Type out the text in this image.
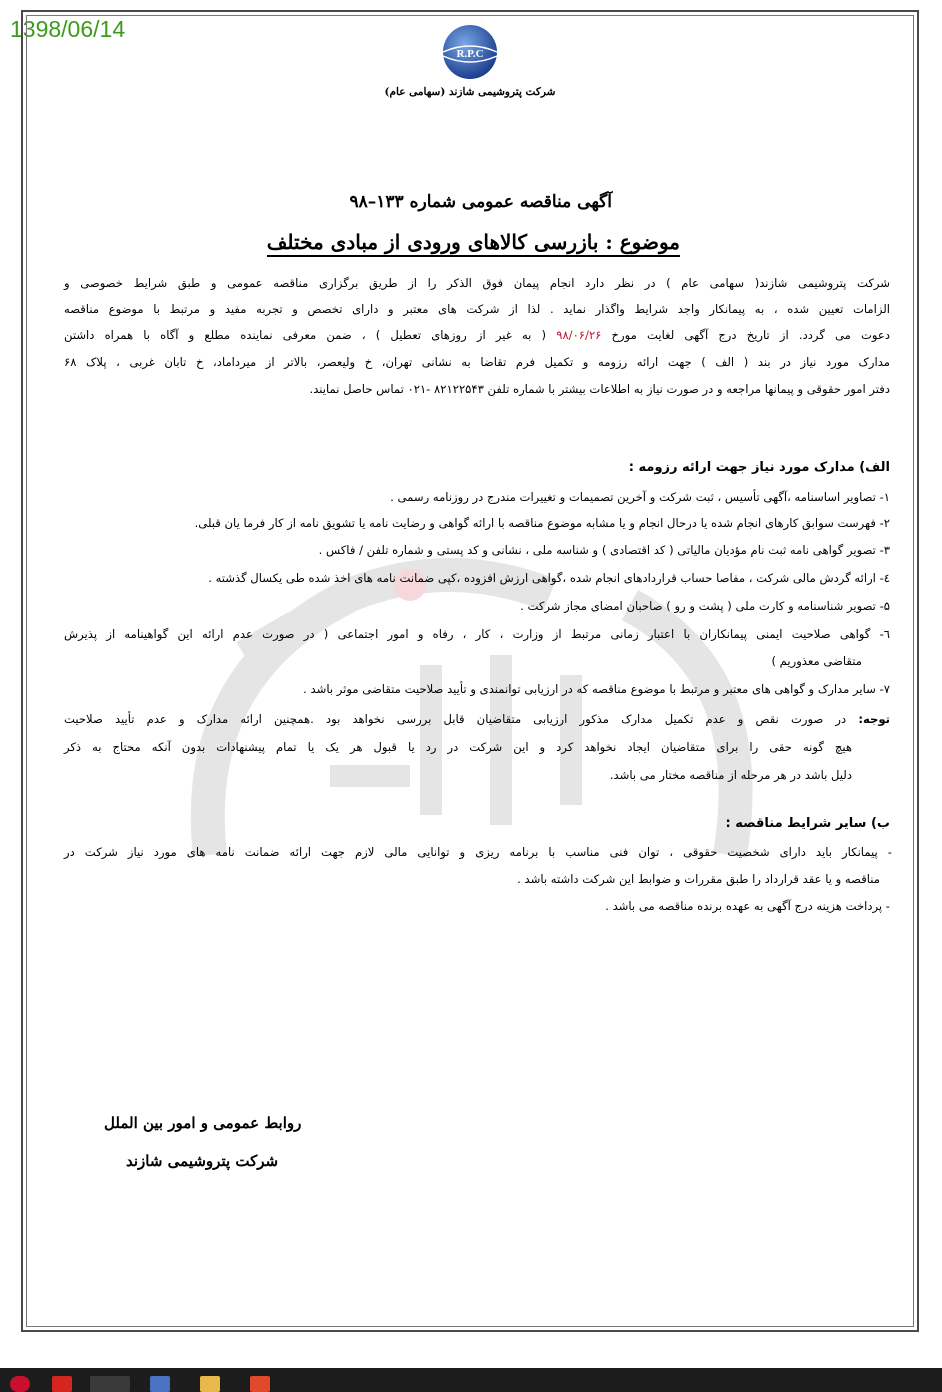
1398/06/14
R.P.C
شرکت پتروشیمی شازند (سهامی عام)
آگهی مناقصه عمومی شماره ۱۳۳–۹۸
موضوع : بازرسی کالاهای ورودی از مبادی مختلف
شرکت پتروشیمی شازند( سهامی عام ) در نظر دارد انجام پیمان فوق الذکر را از طریق برگزاری مناقصه عمومی و طبق شرایط خصوصی و
الزامات تعیین شده ، به پیمانکار واجد شرایط واگذار نماید . لذا از شرکت های معتبر و دارای تخصص و تجربه مفید و مرتبط با موضوع مناقصه
دعوت می گردد. از تاریخ درج آگهی لغایت مورخ ۹۸/۰۶/۲۶ ( به غیر از روزهای تعطیل ) ، ضمن معرفی نماینده مطلع و آگاه با همراه داشتن
مدارک مورد نیاز در بند ( الف ) جهت ارائه رزومه و تکمیل فرم تقاضا به نشانی تهران، خ ولیعصر، بالاتر از میرداماد، خ تابان غربی ، پلاک ۶۸
دفتر امور حقوقی و پیمانها مراجعه و در صورت نیاز به اطلاعات بیشتر با شماره تلفن ۸۲۱۲۲۵۴۳ -۰۲۱ تماس حاصل نمایند.
الف) مدارک مورد نیاز جهت ارائه رزومه :
۱- تصاویر اساسنامه ،آگهی تأسیس ، ثبت شرکت و آخرین تصمیمات و تغییرات مندرج در روزنامه رسمی .
۲- فهرست سوابق کارهای انجام شده یا درحال انجام و یا مشابه موضوع مناقصه با ارائه گواهی و رضایت نامه یا تشویق نامه از کار فرما یان قبلی.
۳- تصویر گواهی نامه ثبت نام مؤدیان مالیاتی ( کد اقتصادی ) و شناسه ملی ، نشانی و کد پستی و شماره تلفن / فاکس .
٤- ارائه گردش مالی شرکت ، مفاصا حساب قراردادهای انجام شده ،گواهی ارزش افزوده ،کپی ضمانت نامه های اخذ شده طی یکسال گذشته .
۵- تصویر شناسنامه و کارت ملی ( پشت و رو ) صاحبان امضای مجاز شرکت .
٦- گواهی صلاحیت ایمنی پیمانکاران با اعتبار زمانی مرتبط از وزارت ، کار ، رفاه و امور اجتماعی ( در صورت عدم ارائه این گواهینامه از پذیرش
متقاضی معذوریم )
۷- سایر مدارک و گواهی های معتبر و مرتبط با موضوع مناقصه که در ارزیابی توانمندی و تأیید صلاحیت متقاضی موثر باشد .
توجه: در صورت نقص و عدم تکمیل مدارک مذکور ارزیابی متقاضیان قابل بررسی نخواهد بود .همچنین ارائه مدارک و عدم تأیید صلاحیت
هیچ گونه حقی را برای متقاضیان ایجاد نخواهد کرد و این شرکت در رد یا قبول هر یک یا تمام پیشنهادات بدون آنکه محتاج به ذکر
دلیل باشد در هر مرحله از مناقصه مختار می باشد.
ب) سایر شرایط مناقصه :
- پیمانکار باید دارای شخصیت حقوقی ، توان فنی مناسب با برنامه ریزی و توانایی مالی لازم جهت ارائه ضمانت نامه های مورد نیاز شرکت در
مناقصه و یا عقد قرارداد را طبق مقررات و ضوابط این شرکت داشته باشد .
- پرداخت هزینه درج آگهی به عهده برنده مناقصه می باشد .
روابط عمومی و امور بین الملل
شرکت پتروشیمی شازند
